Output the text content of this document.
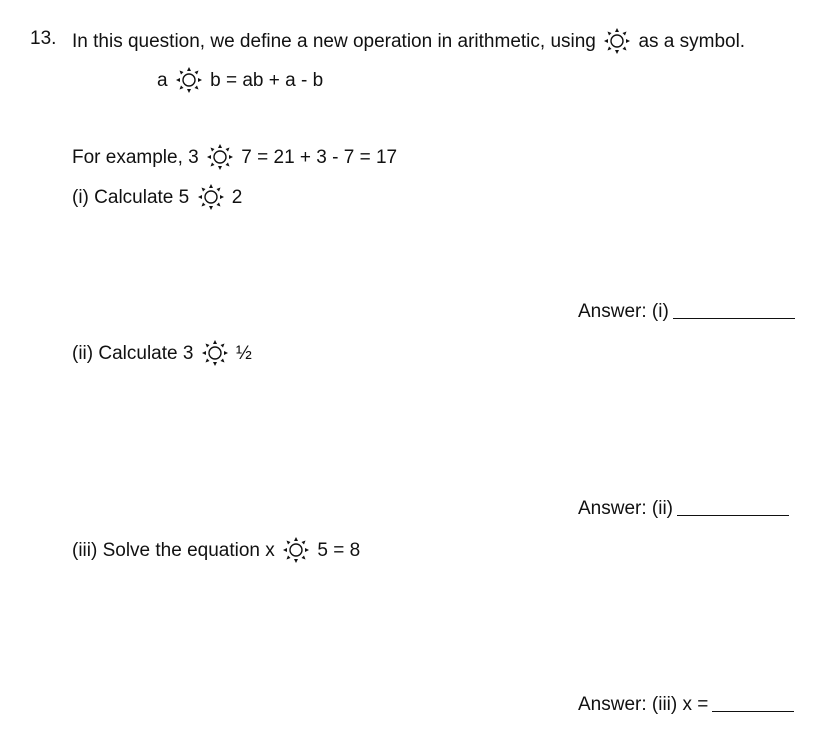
13. In this question, we define a new operation in arithmetic, using as a symbol.
a b = ab + a - b
For example, 3 7 = 21 + 3 - 7 = 17
(i) Calculate 5 2
Answer: (i)
(ii) Calculate 3 ½
Answer: (ii)
(iii) Solve the equation x 5 = 8
Answer: (iii) x =
